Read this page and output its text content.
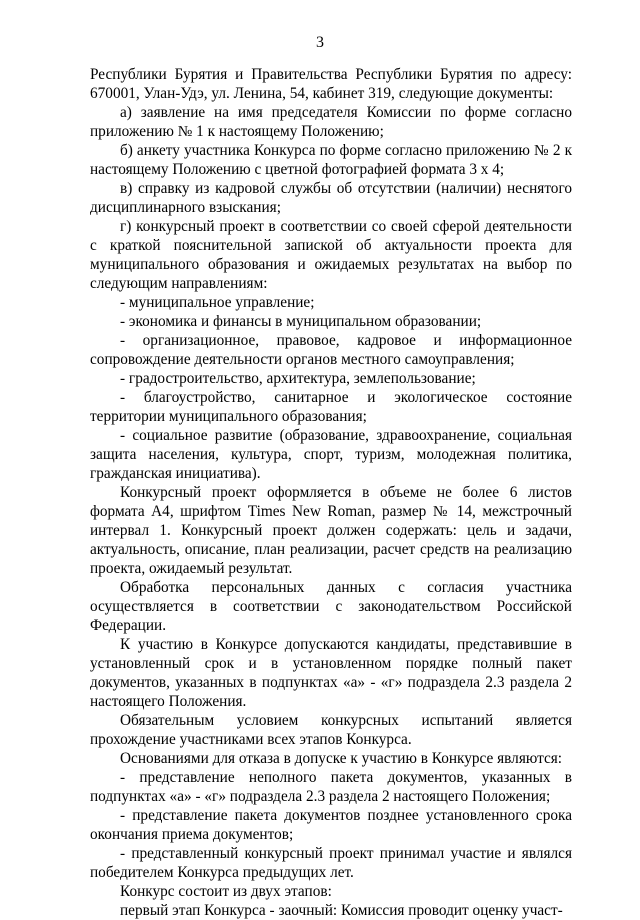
3

Республики Бурятия и Правительства Республики Бурятия по адресу: 670001, Улан-Удэ, ул. Ленина, 54, кабинет 319, следующие документы:

а) заявление на имя председателя Комиссии по форме согласно приложению № 1 к настоящему Положению;

б) анкету участника Конкурса по форме согласно приложению № 2 к настоящему Положению с цветной фотографией формата 3 х 4;

в) справку из кадровой службы об отсутствии (наличии) неснятого дисциплинарного взыскания;

г) конкурсный проект в соответствии со своей сферой деятельности с краткой пояснительной запиской об актуальности проекта для муниципального образования и ожидаемых результатах на выбор по следующим направлениям:

- муниципальное управление;

- экономика и финансы в муниципальном образовании;

- организационное, правовое, кадровое и информационное сопровождение деятельности органов местного самоуправления;

- градостроительство, архитектура, землепользование;

- благоустройство, санитарное и экологическое состояние территории муниципального образования;

- социальное развитие (образование, здравоохранение, социальная защита населения, культура, спорт, туризм, молодежная политика, гражданская инициатива).

Конкурсный проект оформляется в объеме не более 6 листов формата А4, шрифтом Times New Roman, размер № 14, межстрочный интервал 1. Конкурсный проект должен содержать: цель и задачи, актуальность, описание, план реализации, расчет средств на реализацию проекта, ожидаемый результат.

Обработка персональных данных с согласия участника осуществляется в соответствии с законодательством Российской Федерации.

К участию в Конкурсе допускаются кандидаты, представившие в установленный срок и в установленном порядке полный пакет документов, указанных в подпунктах «а» - «г» подраздела 2.3 раздела 2 настоящего Положения.

Обязательным условием конкурсных испытаний является прохождение участниками всех этапов Конкурса.

Основаниями для отказа в допуске к участию в Конкурсе являются:

- представление неполного пакета документов, указанных в подпунктах «а» - «г» подраздела 2.3 раздела 2 настоящего Положения;

- представление пакета документов позднее установленного срока окончания приема документов;

- представленный конкурсный проект принимал участие и являлся победителем Конкурса предыдущих лет.

Конкурс состоит из двух этапов:

первый этап Конкурса - заочный: Комиссия проводит оценку участ-
